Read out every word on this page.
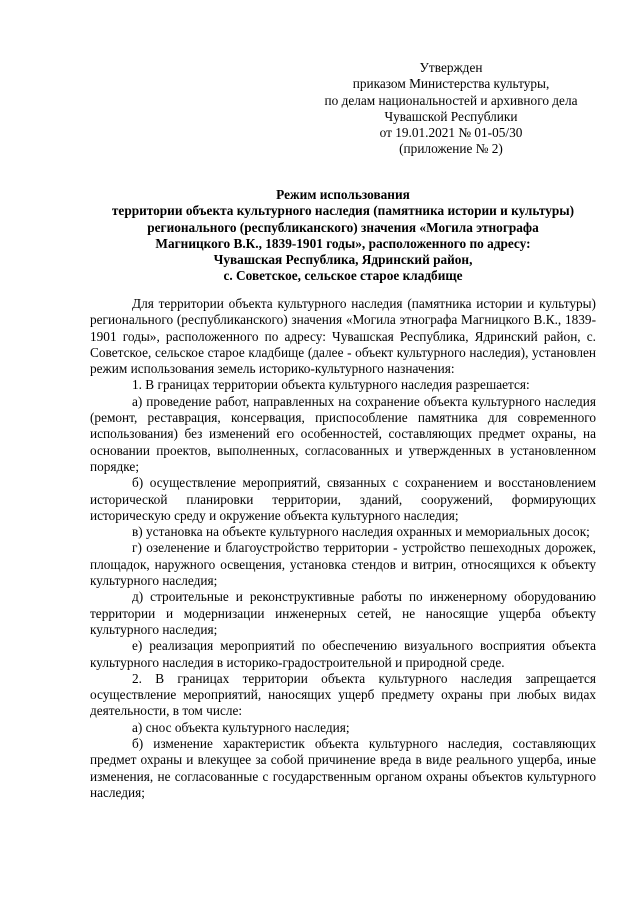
Утвержден
приказом Министерства культуры,
по делам национальностей и архивного дела
Чувашской Республики
от 19.01.2021 № 01-05/30
(приложение № 2)
Режим использования
территории объекта культурного наследия (памятника истории и культуры)
регионального (республиканского) значения «Могила этнографа
Магницкого В.К., 1839-1901 годы», расположенного по адресу:
Чувашская Республика, Ядринский район,
с. Советское, сельское старое кладбище

Для территории объекта культурного наследия (памятника истории и культуры) регионального (республиканского) значения «Могила этнографа Магницкого В.К., 1839-1901 годы», расположенного по адресу: Чувашская Республика, Ядринский район, с. Советское, сельское старое кладбище (далее - объект культурного наследия), установлен режим использования земель историко-культурного назначения:

1. В границах территории объекта культурного наследия разрешается:

а) проведение работ, направленных на сохранение объекта культурного наследия (ремонт, реставрация, консервация, приспособление памятника для современного использования) без изменений его особенностей, составляющих предмет охраны, на основании проектов, выполненных, согласованных и утвержденных в установленном порядке;

б) осуществление мероприятий, связанных с сохранением и восстановлением исторической планировки территории, зданий, сооружений, формирующих историческую среду и окружение объекта культурного наследия;

в) установка на объекте культурного наследия охранных и мемориальных досок;

г) озеленение и благоустройство территории - устройство пешеходных дорожек, площадок, наружного освещения, установка стендов и витрин, относящихся к объекту культурного наследия;

д) строительные и реконструктивные работы по инженерному оборудованию территории и модернизации инженерных сетей, не наносящие ущерба объекту культурного наследия;

е) реализация мероприятий по обеспечению визуального восприятия объекта культурного наследия в историко-градостроительной и природной среде.

2. В границах территории объекта культурного наследия запрещается осуществление мероприятий, наносящих ущерб предмету охраны при любых видах деятельности, в том числе:

а) снос объекта культурного наследия;

б) изменение характеристик объекта культурного наследия, составляющих предмет охраны и влекущее за собой причинение вреда в виде реального ущерба, иные изменения, не согласованные с государственным органом охраны объектов культурного наследия;
